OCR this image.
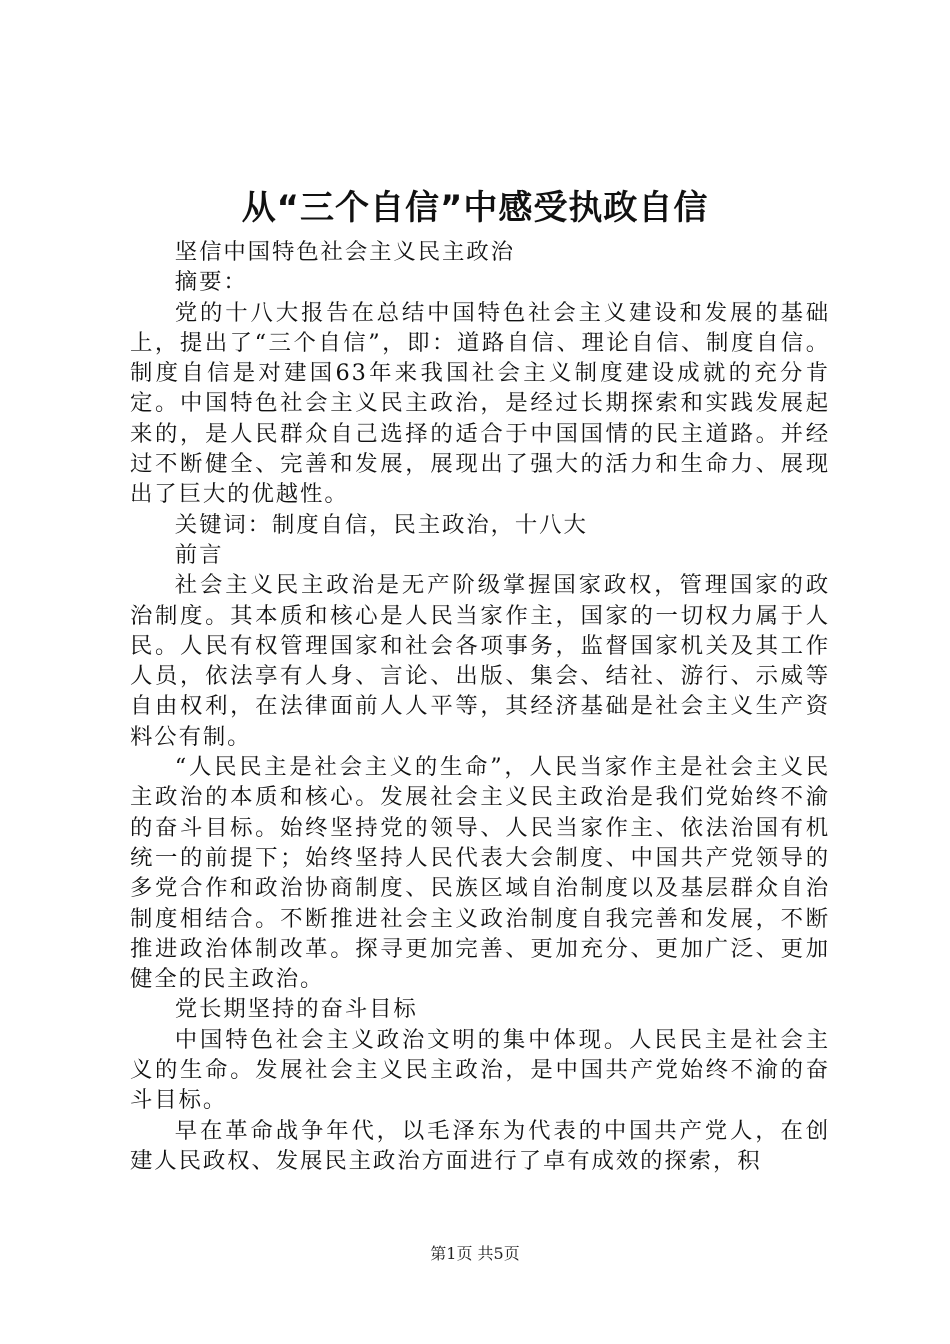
从“三个自信”中感受执政自信

坚信中国特色社会主义民主政治

摘要：

党的十八大报告在总结中国特色社会主义建设和发展的基础上，提出了“三个自信”，即：道路自信、理论自信、制度自信。制度自信是对建国63年来我国社会主义制度建设成就的充分肯定。中国特色社会主义民主政治，是经过长期探索和实践发展起来的，是人民群众自己选择的适合于中国国情的民主道路。并经过不断健全、完善和发展，展现出了强大的活力和生命力、展现出了巨大的优越性。

关键词：制度自信，民主政治，十八大

前言

社会主义民主政治是无产阶级掌握国家政权，管理国家的政治制度。其本质和核心是人民当家作主，国家的一切权力属于人民。人民有权管理国家和社会各项事务，监督国家机关及其工作人员，依法享有人身、言论、出版、集会、结社、游行、示威等自由权利，在法律面前人人平等，其经济基础是社会主义生产资料公有制。

“人民民主是社会主义的生命”，人民当家作主是社会主义民主政治的本质和核心。发展社会主义民主政治是我们党始终不渝的奋斗目标。始终坚持党的领导、人民当家作主、依法治国有机统一的前提下；始终坚持人民代表大会制度、中国共产党领导的多党合作和政治协商制度、民族区域自治制度以及基层群众自治制度相结合。不断推进社会主义政治制度自我完善和发展，不断推进政治体制改革。探寻更加完善、更加充分、更加广泛、更加健全的民主政治。

党长期坚持的奋斗目标

中国特色社会主义政治文明的集中体现。人民民主是社会主义的生命。发展社会主义民主政治，是中国共产党始终不渝的奋斗目标。

早在革命战争年代，以毛泽东为代表的中国共产党人，在创建人民政权、发展民主政治方面进行了卓有成效的探索，积

第1页 共5页
